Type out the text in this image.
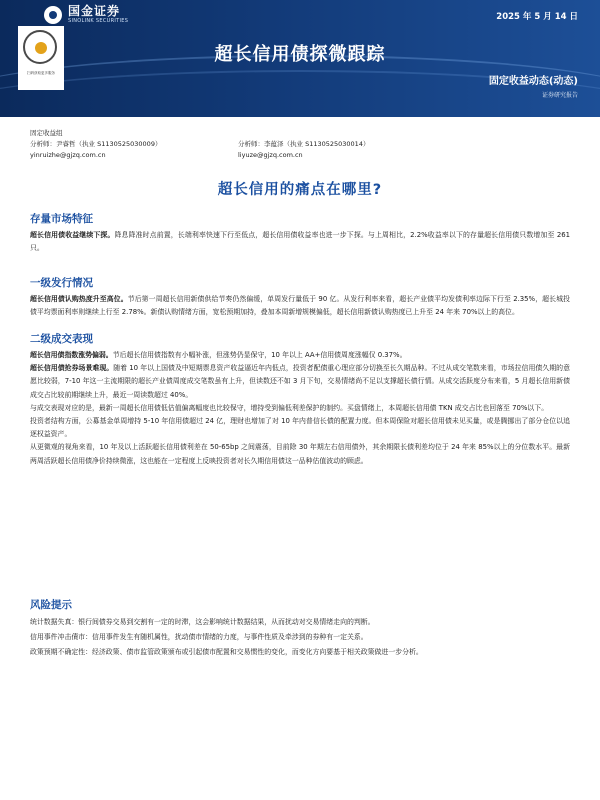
国金证券
SINOLINK SECURITIES	2025 年 5 月 14 日
扫码获取更多服务
超长信用债探微跟踪
固定收益动态(动态)
证券研究报告
固定收益组
分析师：尹睿哲（执业 S1130525030009）	分析师：李蕴泽（执业 S1130525030014）
yinruizhe@gjzq.com.cn	liyuze@gjzq.com.cn
超长信用的痛点在哪里?
存量市场特征

超长信用债收益继续下探。降息降准时点前置，长端利率快速下行至低点，超长信用债收益率也进一步下探。与上周相比，2.2%收益率以下的存量超长信用债只数增加至 261 只。

一级发行情况

超长信用债认购热度升至高位。节后第一周超长信用新债供给节奏仍然偏缓，单周发行量低于 90 亿。从发行利率来看，超长产业债平均发债利率边际下行至 2.35%，超长城投债平均票面利率则继续上行至 2.78%。新债认购情绪方面，宽松预期加持，叠加本周新增规模偏低，超长信用新债认购热度已上升至 24 年来 70%以上的高位。

二级成交表现

超长信用债指数涨势偏弱。节后超长信用债指数有小幅补涨，但涨势仍显保守，10 年以上 AA+信用债周度涨幅仅 0.37%。

超长信用债抢券场景难现。随着 10 年以上国债及中短期票息资产收益逼近年内低点，投资者配债重心理应部分切换至长久期品种。不过从成交笔数来看，市场拉信用债久期的意愿比较弱，7-10 年这一主流期限的超长产业债周度成交笔数虽有上升，但读数还不如 3 月下旬，交易情绪尚不足以支撑超长债行情。从成交活跃度分布来看，5 月超长信用新债成交占比较前期继续上升，最近一周读数超过 40%。

与成交表现对应的是，最新一周超长信用债低估值偏离幅度也比较保守，增持受到偏低利差保护的制约。买盘情绪上，本周超长信用债 TKN 成交占比也回落至 70%以下。

投资者结构方面，公募基金单周增持 5-10 年信用债超过 24 亿，理财也增加了对 10 年内普信长债的配置力度。但本周保险对超长信用债未见买量，或是腾挪出了部分仓位以追逐权益资产。

从更微观的视角来看，10 年及以上活跃超长信用债利差在 50-65bp 之间震荡，目前除 30 年期左右信用债外，其余期限长债利差均位于 24 年来 85%以上的分位数水平。最新两周活跃超长信用债净价持续微涨，这也能在一定程度上反映投资者对长久期信用债这一品种估值波动的顾虑。

风险提示

统计数据失真：银行间债券交易到交割有一定的时滞，这会影响统计数据结果，从而扰动对交易情绪走向的判断。

信用事件冲击債市：信用事件发生有随机属性，扰动债市情绪的力度，与事件性质及牵涉到的券种有一定关系。

政策预期不确定性：经济政策、债市监管政策颁布或引起债市配置和交易惯性的变化，而变化方向要基于相关政策做进一步分析。
